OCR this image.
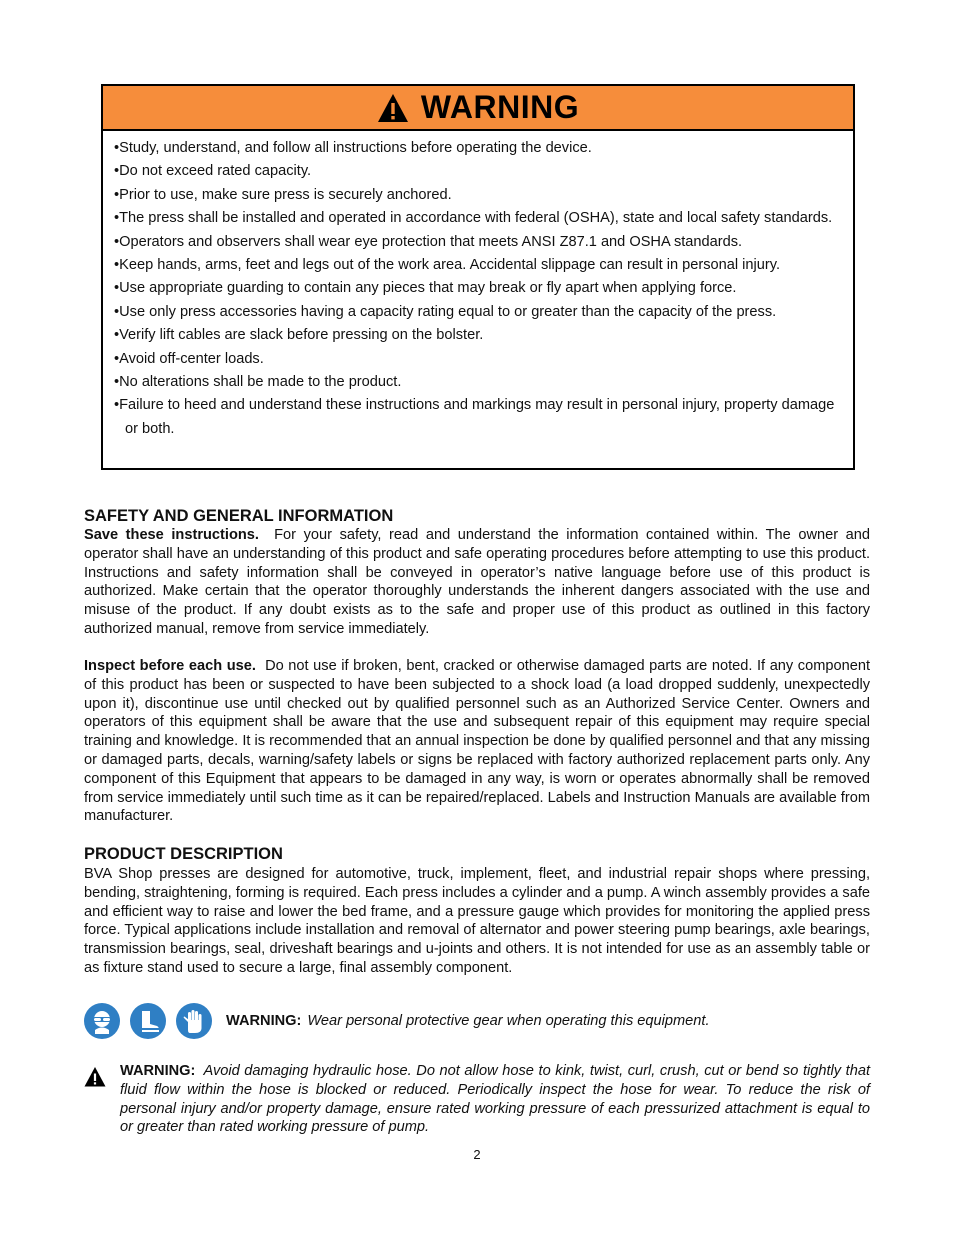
WARNING
• Study, understand, and follow all instructions before operating the device.
• Do not exceed rated capacity.
• Prior to use, make sure press is securely anchored.
• The press shall be installed and operated in accordance with federal (OSHA), state and local safety standards.
• Operators and observers shall wear eye protection that meets ANSI Z87.1 and OSHA standards.
• Keep hands, arms, feet and legs out of the work area. Accidental slippage can result in personal injury.
• Use appropriate guarding to contain any pieces that may break or fly apart when applying force.
• Use only press accessories having a capacity rating equal to or greater than the capacity of the press.
• Verify lift cables are slack before pressing on the bolster.
• Avoid off-center loads.
• No alterations shall be made to the product.
• Failure to heed and understand these instructions and markings may result in personal injury, property damage or both.
SAFETY AND GENERAL INFORMATION

Save these instructions. For your safety, read and understand the information contained within. The owner and operator shall have an understanding of this product and safe operating procedures before attempting to use this product. Instructions and safety information shall be conveyed in operator’s native language before use of this product is authorized. Make certain that the operator thoroughly understands the inherent dangers associated with the use and misuse of the product. If any doubt exists as to the safe and proper use of this product as outlined in this factory authorized manual, remove from service immediately.

Inspect before each use. Do not use if broken, bent, cracked or otherwise damaged parts are noted. If any component of this product has been or suspected to have been subjected to a shock load (a load dropped suddenly, unexpectedly upon it), discontinue use until checked out by qualified personnel such as an Authorized Service Center. Owners and operators of this equipment shall be aware that the use and subsequent repair of this equipment may require special training and knowledge. It is recommended that an annual inspection be done by qualified personnel and that any missing or damaged parts, decals, warning/safety labels or signs be replaced with factory authorized replacement parts only. Any component of this Equipment that appears to be damaged in any way, is worn or operates abnormally shall be removed from service immediately until such time as it can be repaired/replaced. Labels and Instruction Manuals are available from manufacturer.

PRODUCT DESCRIPTION

BVA Shop presses are designed for automotive, truck, implement, fleet, and industrial repair shops where pressing, bending, straightening, forming is required. Each press includes a cylinder and a pump. A winch assembly provides a safe and efficient way to raise and lower the bed frame, and a pressure gauge which provides for monitoring the applied press force. Typical applications include installation and removal of alternator and power steering pump bearings, axle bearings, transmission bearings, seal, driveshaft bearings and u-joints and others. It is not intended for use as an assembly table or as fixture stand used to secure a large, final assembly component.

WARNING: Wear personal protective gear when operating this equipment.

WARNING: Avoid damaging hydraulic hose. Do not allow hose to kink, twist, curl, crush, cut or bend so tightly that fluid flow within the hose is blocked or reduced. Periodically inspect the hose for wear. To reduce the risk of personal injury and/or property damage, ensure rated working pressure of each pressurized attachment is equal to or greater than rated working pressure of pump.

2
